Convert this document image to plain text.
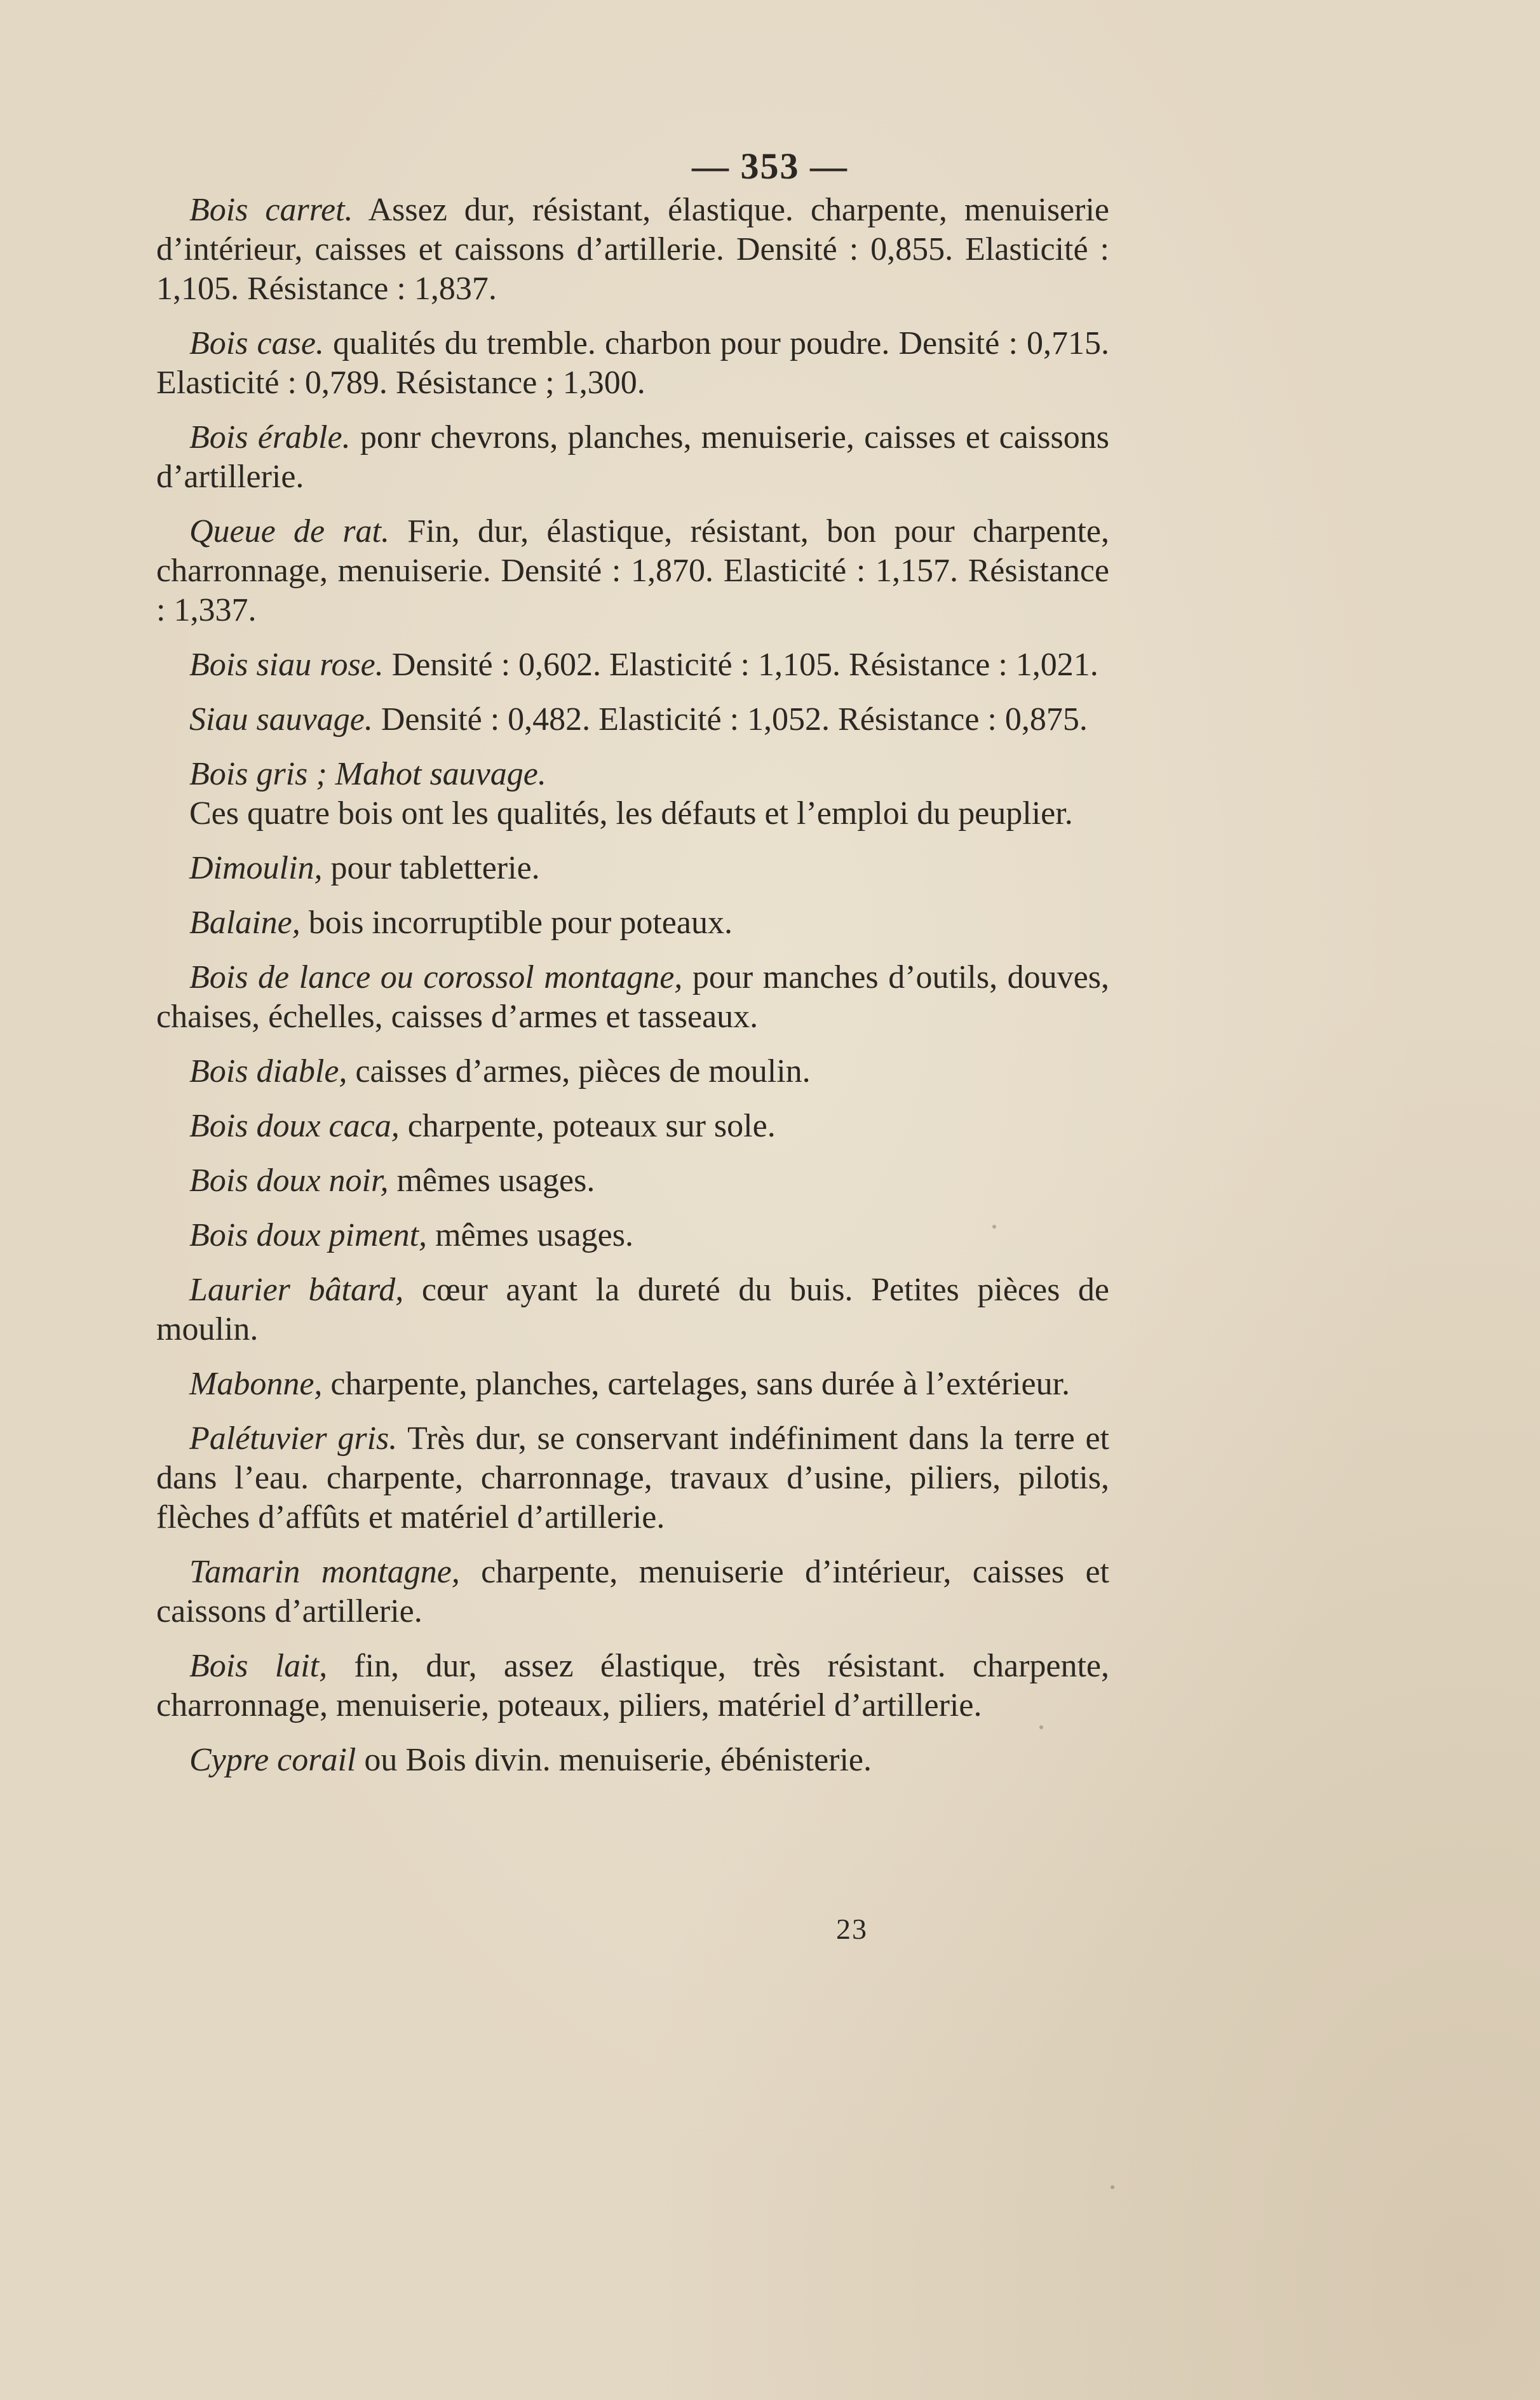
— 353 —

Bois carret. Assez dur, résistant, élastique. charpente, menuiserie d’intérieur, caisses et caissons d’artillerie. Densité : 0,855. Elasticité : 1,105. Résistance : 1,837.

Bois case. qualités du tremble. charbon pour poudre. Densité : 0,715. Elasticité : 0,789. Résistance ; 1,300.

Bois érable. ponr chevrons, planches, menuiserie, caisses et caissons d’artillerie.

Queue de rat. Fin, dur, élastique, résistant, bon pour charpente, charronnage, menuiserie. Densité : 1,870. Elasticité : 1,157. Résistance : 1,337.

Bois siau rose. Densité : 0,602. Elasticité : 1,105. Résistance : 1,021.

Siau sauvage. Densité : 0,482. Elasticité : 1,052. Résistance : 0,875.

Bois gris ; Mahot sauvage.

Ces quatre bois ont les qualités, les défauts et l’emploi du peuplier.

Dimoulin, pour tabletterie.

Balaine, bois incorruptible pour poteaux.

Bois de lance ou corossol montagne, pour manches d’outils, douves, chaises, échelles, caisses d’armes et tasseaux.

Bois diable, caisses d’armes, pièces de moulin.

Bois doux caca, charpente, poteaux sur sole.

Bois doux noir, mêmes usages.

Bois doux piment, mêmes usages.

Laurier bâtard, cœur ayant la dureté du buis. Petites pièces de moulin.

Mabonne, charpente, planches, cartelages, sans durée à l’extérieur.

Palétuvier gris. Très dur, se conservant indéfiniment dans la terre et dans l’eau. charpente, charronnage, travaux d’usine, piliers, pilotis, flèches d’affûts et matériel d’artillerie.

Tamarin montagne, charpente, menuiserie d’intérieur, caisses et caissons d’artillerie.

Bois lait, fin, dur, assez élastique, très résistant. charpente, charronnage, menuiserie, poteaux, piliers, matériel d’artillerie.

Cypre corail ou Bois divin. menuiserie, ébénisterie.

23
